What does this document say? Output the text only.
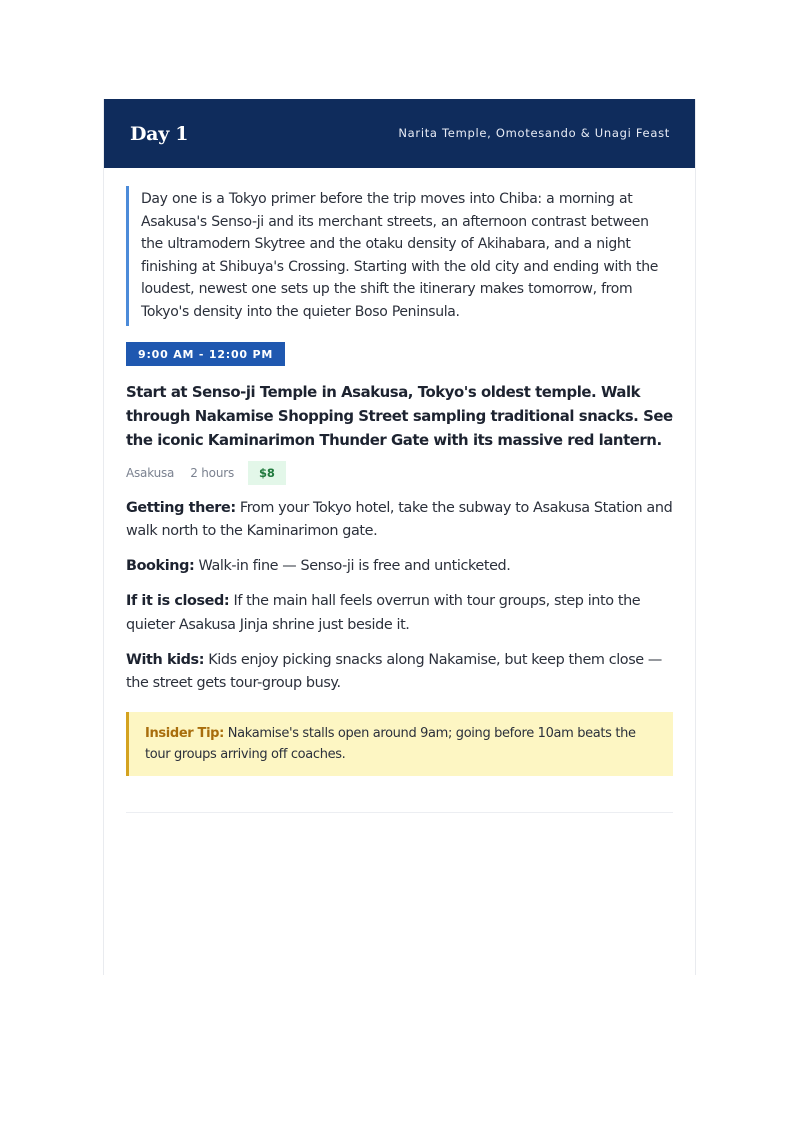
Day 1	Narita Temple, Omotesando & Unagi Feast
Day one is a Tokyo primer before the trip moves into Chiba: a morning at Asakusa's Senso-ji and its merchant streets, an afternoon contrast between the ultramodern Skytree and the otaku density of Akihabara, and a night finishing at Shibuya's Crossing. Starting with the old city and ending with the loudest, newest one sets up the shift the itinerary makes tomorrow, from Tokyo's density into the quieter Boso Peninsula.
9:00 AM - 12:00 PM
Start at Senso-ji Temple in Asakusa, Tokyo's oldest temple. Walk through Nakamise Shopping Street sampling traditional snacks. See the iconic Kaminarimon Thunder Gate with its massive red lantern.
Asakusa 2 hours	$8
Getting there: From your Tokyo hotel, take the subway to Asakusa Station and walk north to the Kaminarimon gate.
Booking: Walk-in fine — Senso-ji is free and unticketed.
If it is closed: If the main hall feels overrun with tour groups, step into the quieter Asakusa Jinja shrine just beside it.
With kids: Kids enjoy picking snacks along Nakamise, but keep them close — the street gets tour-group busy.
Insider Tip: Nakamise's stalls open around 9am; going before 10am beats the tour groups arriving off coaches.
